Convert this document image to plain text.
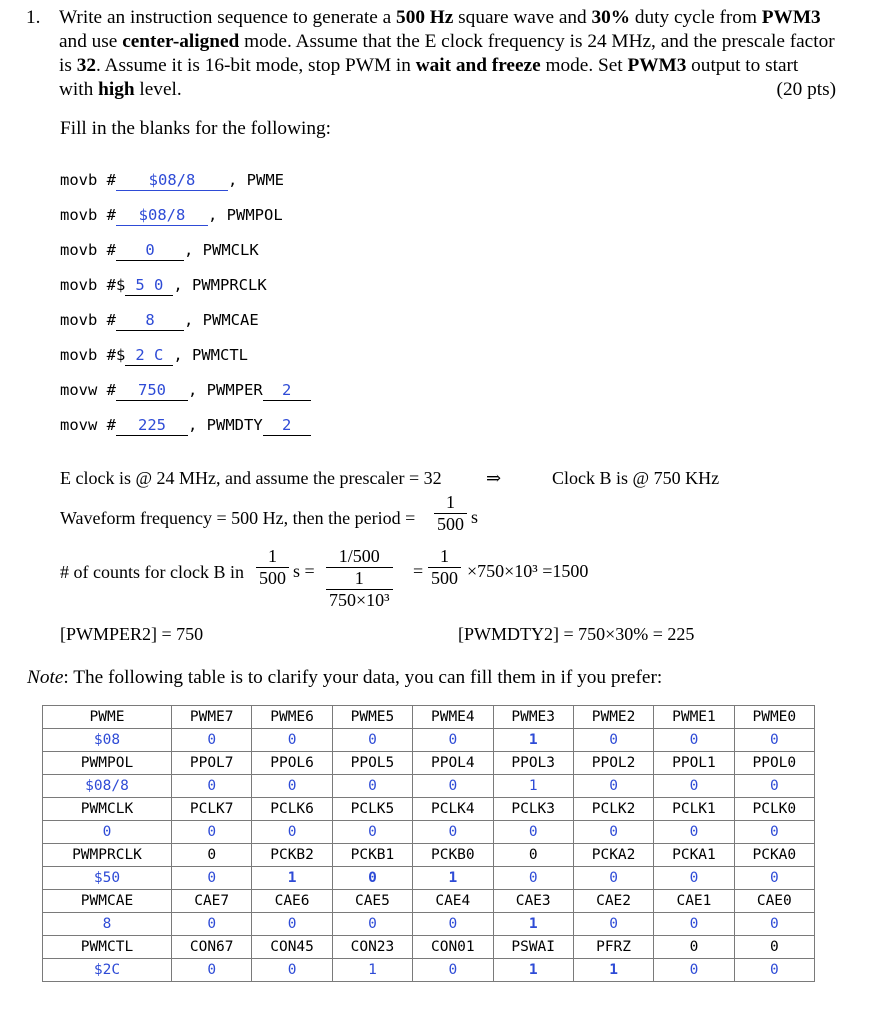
1. Write an instruction sequence to generate a 500 Hz square wave and 30% duty cycle from PWM3 and use center-aligned mode. Assume that the E clock frequency is 24 MHz, and the prescale factor is 32. Assume it is 16-bit mode, stop PWM in wait and freeze mode. Set PWM3 output to start with high level.	(20 pts)
Fill in the blanks for the following:
movb # $08/8 , PWME
movb # $08/8 , PWMPOL
movb # 0 , PWMCLK
movb #$ 5 0 , PWMPRCLK
movb # 8 , PWMCAE
movb #$ 2 C , PWMCTL
movw # 750 , PWMPER 2
movw # 225 , PWMDTY 2
E clock is @ 24 MHz, and assume the prescaler = 32 ⇒	Clock B is @ 750 KHz
Waveform frequency = 500 Hz, then the period =
1
500 s
# of counts for clock B in
1
500 s =
1/500
1
750×10³
=
1
500 ×750×10³ =1500
[PWMPER2] = 750	[PWMDTY2] = 750×30% = 225
Note: The following table is to clarify your data, you can fill them in if you prefer:
PWME	PWME7	PWME6	PWME5	PWME4	PWME3	PWME2	PWME1	PWME0
$08	0	0	0	0	1	0	0	0
PWMPOL	PPOL7	PPOL6	PPOL5	PPOL4	PPOL3	PPOL2	PPOL1	PPOL0
$08/8	0	0	0	0	1	0	0	0
PWMCLK	PCLK7	PCLK6	PCLK5	PCLK4	PCLK3	PCLK2	PCLK1	PCLK0
0	0	0	0	0	0	0	0	0
PWMPRCLK	0	PCKB2	PCKB1	PCKB0	0	PCKA2	PCKA1	PCKA0
$50	0	1	0	1	0	0	0	0
PWMCAE	CAE7	CAE6	CAE5	CAE4	CAE3	CAE2	CAE1	CAE0
8	0	0	0	0	1	0	0	0
PWMCTL	CON67	CON45	CON23	CON01	PSWAI	PFRZ	0	0
$2C	0	0	1	0	1	1	0	0
